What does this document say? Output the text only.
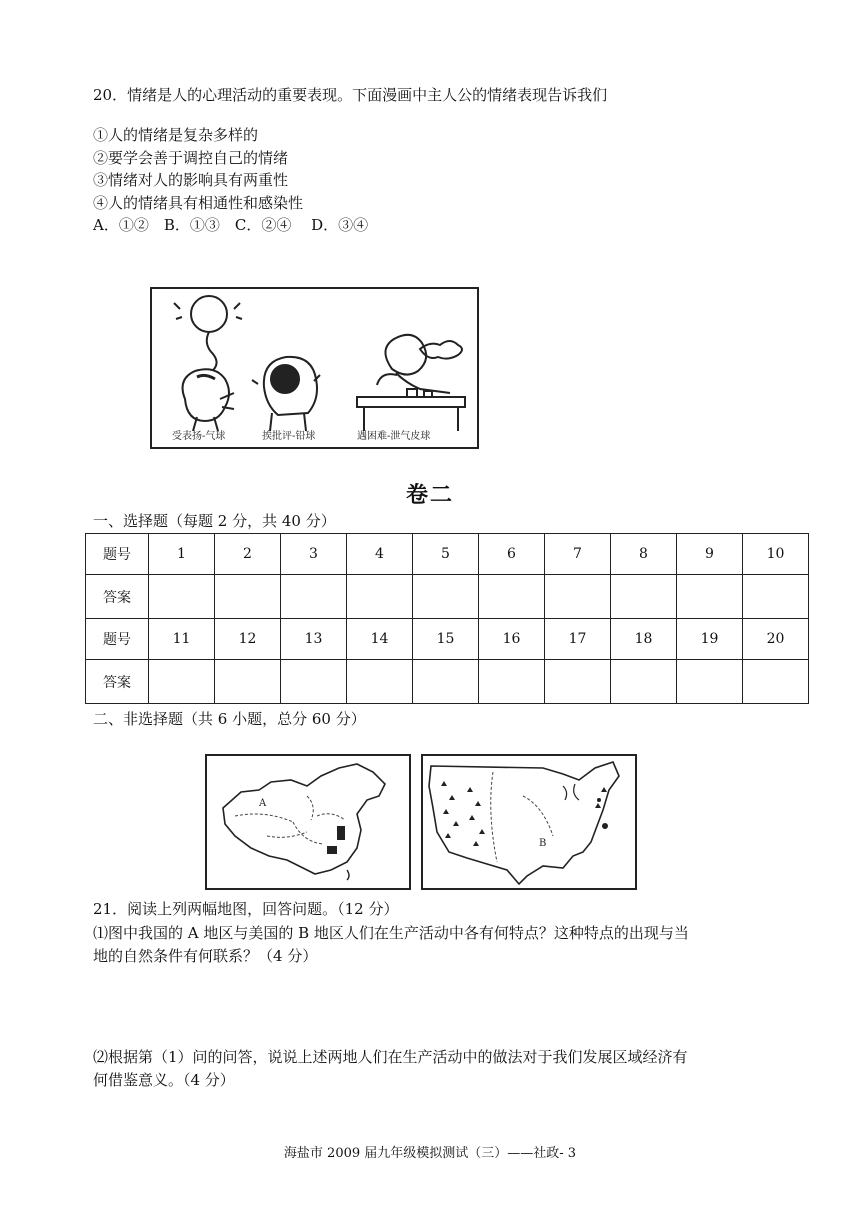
20．情绪是人的心理活动的重要表现。下面漫画中主人公的情绪表现告诉我们
①人的情绪是复杂多样的
②要学会善于调控自己的情绪
③情绪对人的影响具有两重性
④人的情绪具有相通性和感染性
A．①②　B．①③　C．②④　 D．③④
受表扬-气球	挨批评-铅球	遇困难-泄气皮球
卷二
一、选择题（每题 2 分，共 40 分）
题号	1	2	3	4	5	6	7	8	9	10
答案										
题号	11	12	13	14	15	16	17	18	19	20
答案										
二、非选择题（共 6 小题，总分 60 分）
A
B
21．阅读上列两幅地图，回答问题。（12 分）
⑴图中我国的 A 地区与美国的 B 地区人们在生产活动中各有何特点？这种特点的出现与当
地的自然条件有何联系？（4 分）
⑵根据第（1）问的问答，说说上述两地人们在生产活动中的做法对于我们发展区域经济有
何借鉴意义。（4 分）
海盐市 2009 届九年级模拟测试（三）——社政- 3
